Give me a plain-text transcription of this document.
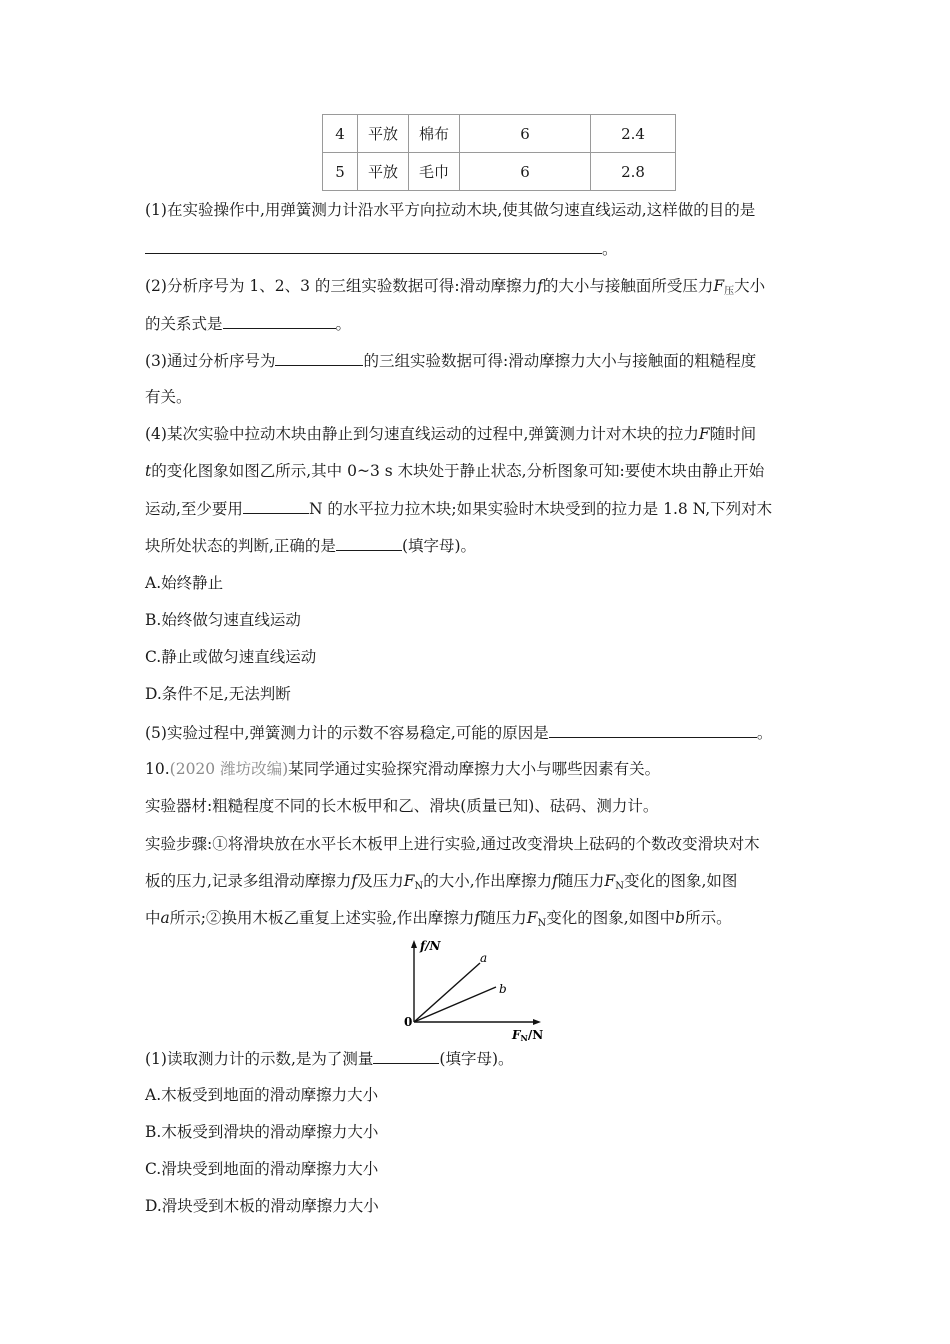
4	平放	棉布	6	2.4
5	平放	毛巾	6	2.8
(1)在实验操作中,用弹簧测力计沿水平方向拉动木块,使其做匀速直线运动,这样做的目的是
。
(2)分析序号为 1、2、3 的三组实验数据可得:滑动摩擦力f的大小与接触面所受压力$F_压$大小
的关系式是	。
(3)通过分析序号为	的三组实验数据可得:滑动摩擦力大小与接触面的粗糙程度
有关。
(4)某次实验中拉动木块由静止到匀速直线运动的过程中,弹簧测力计对木块的拉力F随时间
t的变化图象如图乙所示,其中 0~3 s 木块处于静止状态,分析图象可知:要使木块由静止开始
运动,至少要用	N 的水平拉力拉木块;如果实验时木块受到的拉力是 1.8 N,下列对木
块所处状态的判断,正确的是	(填字母)。
A.始终静止
B.始终做匀速直线运动
C.静止或做匀速直线运动
D.条件不足,无法判断
(5)实验过程中,弹簧测力计的示数不容易稳定,可能的原因是	。
10.(2020 潍坊改编)某同学通过实验探究滑动摩擦力大小与哪些因素有关。
实验器材:粗糙程度不同的长木板甲和乙、滑块(质量已知)、砝码、测力计。
实验步骤:①将滑块放在水平长木板甲上进行实验,通过改变滑块上砝码的个数改变滑块对木
板的压力,记录多组滑动摩擦力f及压力$F_N$的大小,作出摩擦力f随压力$F_N$变化的图象,如图
中a所示;②换用木板乙重复上述实验,作出摩擦力f随压力$F_N$变化的图象,如图中b所示。
f/N
a
b
0
FN/N
(1)读取测力计的示数,是为了测量	(填字母)。
A.木板受到地面的滑动摩擦力大小
B.木板受到滑块的滑动摩擦力大小
C.滑块受到地面的滑动摩擦力大小
D.滑块受到木板的滑动摩擦力大小
